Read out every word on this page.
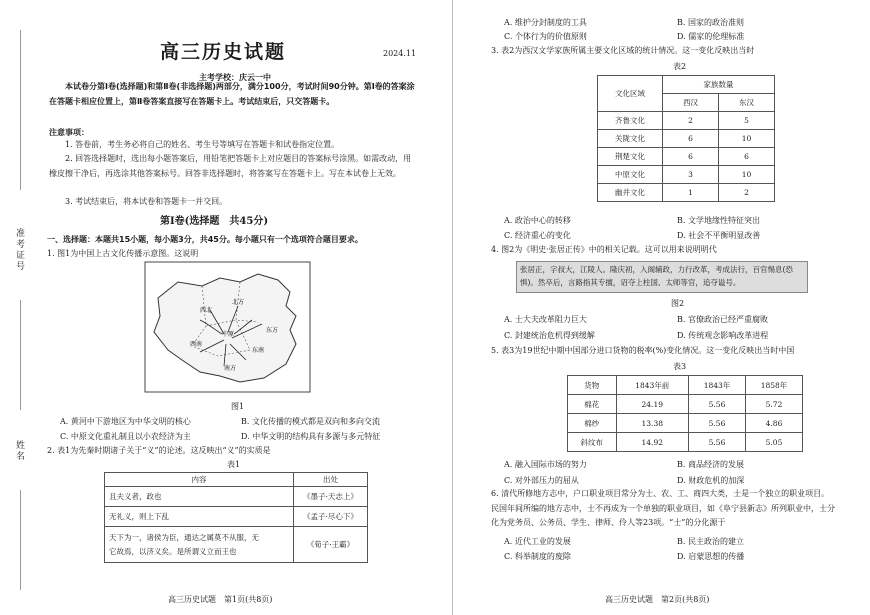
准考证号
姓名
高三历史试题	2024.11
主考学校：庆云一中
本试卷分第Ⅰ卷(选择题)和第Ⅱ卷(非选择题)两部分，满分100分，考试时间90分钟。第Ⅰ卷的答案涂在答题卡相应位置上，第Ⅱ卷答案直接写在答题卡上。考试结束后，只交答题卡。
注意事项：
1. 答卷前，考生务必将自己的姓名、考生号等填写在答题卡和试卷指定位置。
2. 回答选择题时，选出每小题答案后，用铅笔把答题卡上对应题目的答案标号涂黑。如需改动，用橡皮擦干净后，再选涂其他答案标号。回答非选择题时，将答案写在答题卡上。写在本试卷上无效。
3. 考试结束后，将本试卷和答题卡一并交回。
第Ⅰ卷(选择题　共45分)
一、选择题：本题共15小题，每小题3分，共45分。每小题只有一个选项符合题目要求。
1. 图1为中国上古文化传播示意图。这说明
北方
西北
东方
中原
西南
东南
南方
图1
A. 黄河中下游地区为中华文明的核心	B. 文化传播的模式都是双向和多向交流
C. 中原文化重礼制且以小农经济为主	D. 中华文明的结构具有多源与多元特征
2. 表1为先秦时期诸子关于“义”的论述。这反映出“义”的实质是
表1
内容	出处
且夫义者，政也	《墨子·天志上》
无礼义，则上下乱	《孟子·尽心下》
天下为一，诸侯为臣，通达之属莫不从服，无
它故焉，以济义矣。是所谓义立而王也	《荀子·王霸》
高三历史试题　第1页(共8页)
A. 维护分封制度的工具	B. 国家的政治准则
C. 个体行为的价值原则	D. 儒家的伦理标准
3. 表2为西汉文学家族所属主要文化区域的统计情况。这一变化反映出当时
表2
文化区域	家族数量	
	西汉	东汉
齐鲁文化	2	5
关陇文化	6	10
荆楚文化	6	6
中原文化	3	10
幽并文化	1	2
A. 政治中心的转移	B. 文学地缘性特征突出
C. 经济重心的变化	D. 社会不平衡明显改善
4. 图2为《明史·张居正传》中的相关记载。这可以用来说明明代
张居正，字叔大，江陵人。隆庆初，入阁辅政，力行改革，考成法行，百官惕息(恐惧)。然卒后，言路指其专擅，诏夺上柱国、太师等官，追夺谥号。
图2
A. 士大夫改革阻力巨大	B. 官僚政治已经严重腐败
C. 封建统治危机得到缓解	D. 传统观念影响改革进程
5. 表3为19世纪中期中国部分进口货物的税率(%)变化情况。这一变化反映出当时中国
表3
货物	1843年前	1843年	1858年
棉花	24.19	5.56	5.72
棉纱	13.38	5.56	4.86
斜纹布	14.92	5.56	5.05
A. 融入国际市场的努力	B. 商品经济的发展
C. 对外部压力的屈从	D. 财政危机的加深
6. 清代所修地方志中，户口职业项目常分为士、农、工、商四大类，士是一个独立的职业项目。民国年间所编的地方志中，士不再成为一个单独的职业项目，如《阜宁县新志》所列职业中，士分化为党务员、公务员、学生、律师、伶人等23项。“士”的分化源于
A. 近代工业的发展	B. 民主政治的建立
C. 科举制度的废除	D. 启蒙思想的传播
高三历史试题　第2页(共8页)
